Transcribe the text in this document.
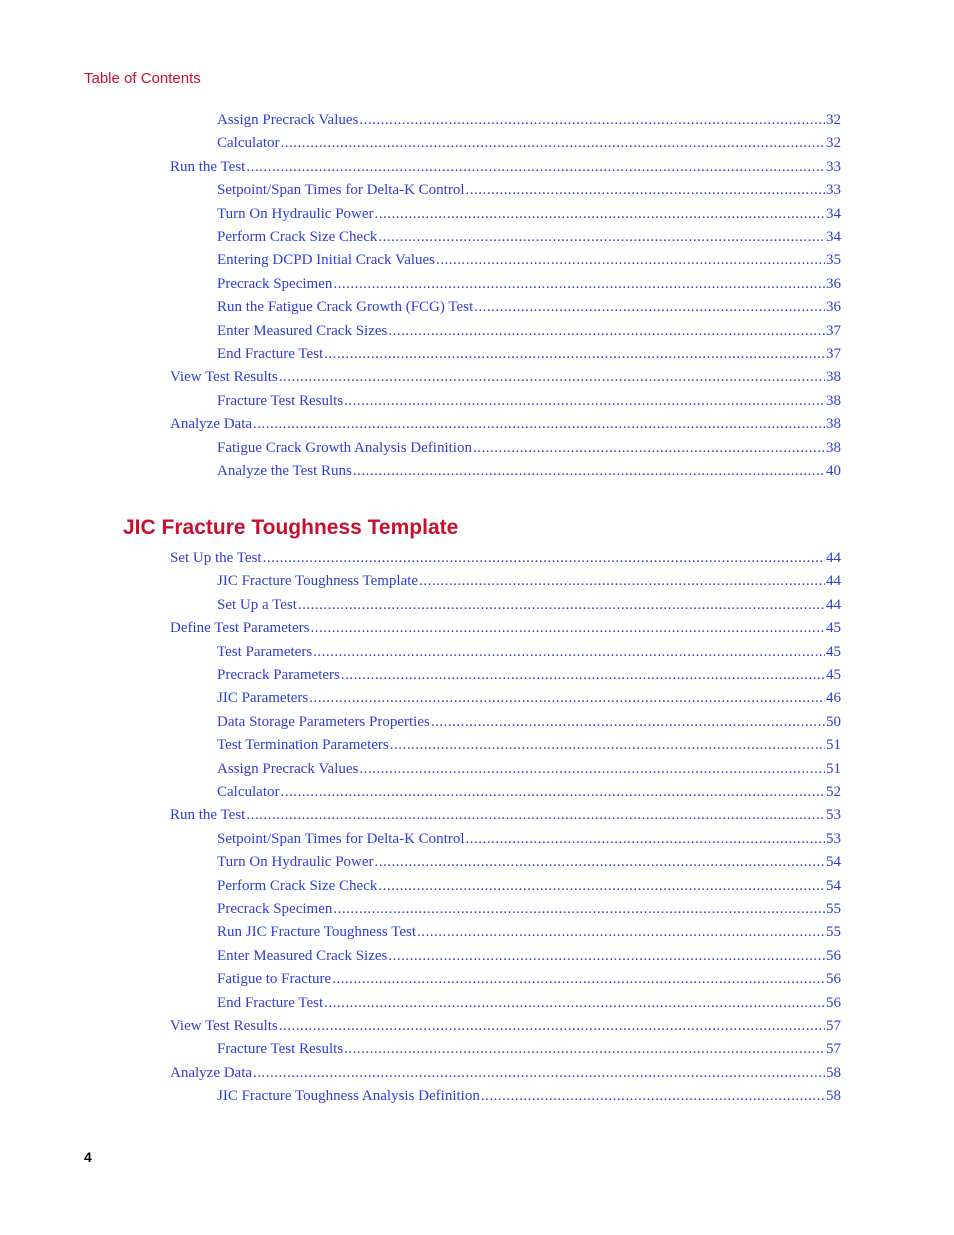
Table of Contents
Assign Precrack Values .....	32
Calculator .....	32
Run the Test .....	33
Setpoint/Span Times for Delta-K Control .....	33
Turn On Hydraulic Power .....	34
Perform Crack Size Check .....	34
Entering DCPD Initial Crack Values .....	35
Precrack Specimen .....	36
Run the Fatigue Crack Growth (FCG) Test .....	36
Enter Measured Crack Sizes .....	37
End Fracture Test .....	37
View Test Results .....	38
Fracture Test Results .....	38
Analyze Data .....	38
Fatigue Crack Growth Analysis Definition .....	38
Analyze the Test Runs .....	40
JIC Fracture Toughness Template
Set Up the Test .....	44
JIC Fracture Toughness Template .....	44
Set Up a Test .....	44
Define Test Parameters .....	45
Test Parameters .....	45
Precrack Parameters .....	45
JIC Parameters .....	46
Data Storage Parameters Properties .....	50
Test Termination Parameters .....	51
Assign Precrack Values .....	51
Calculator .....	52
Run the Test .....	53
Setpoint/Span Times for Delta-K Control .....	53
Turn On Hydraulic Power .....	54
Perform Crack Size Check .....	54
Precrack Specimen .....	55
Run JIC Fracture Toughness Test .....	55
Enter Measured Crack Sizes .....	56
Fatigue to Fracture .....	56
End Fracture Test .....	56
View Test Results .....	57
Fracture Test Results .....	57
Analyze Data .....	58
JIC Fracture Toughness Analysis Definition .....	58
4
